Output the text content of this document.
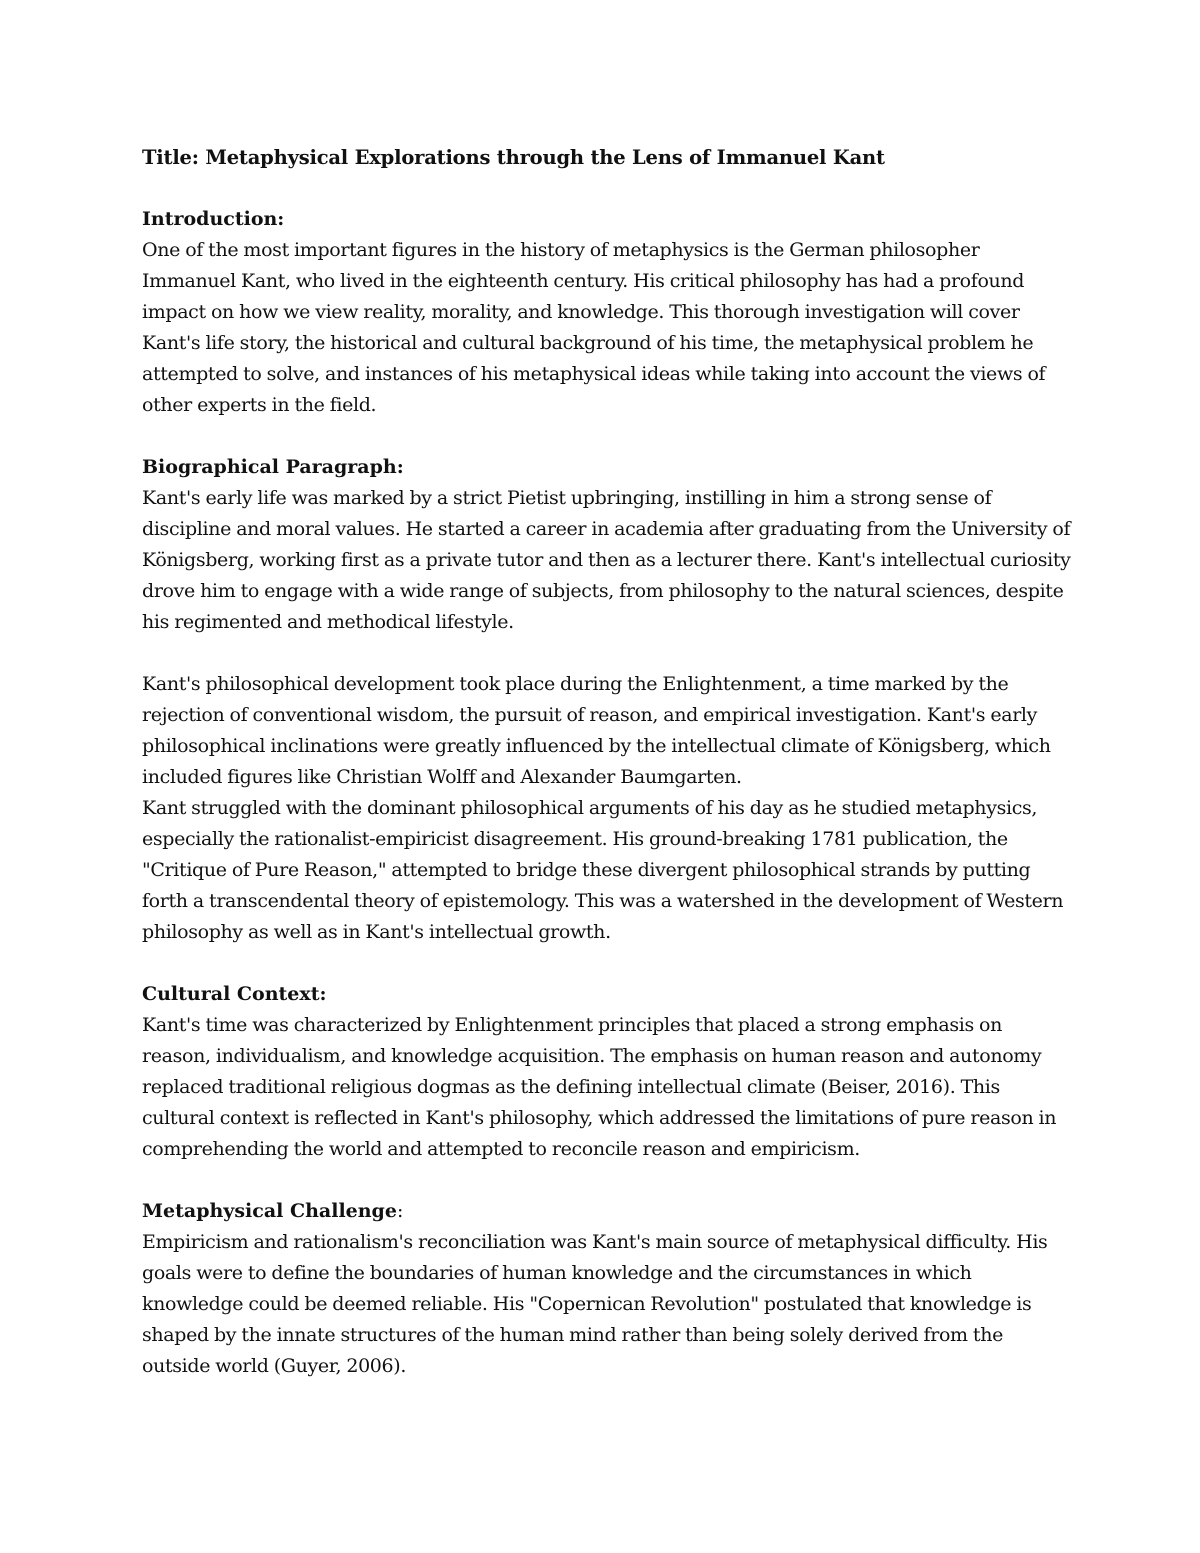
Title: Metaphysical Explorations through the Lens of Immanuel Kant

Introduction:

One of the most important figures in the history of metaphysics is the German philosopher Immanuel Kant, who lived in the eighteenth century. His critical philosophy has had a profound impact on how we view reality, morality, and knowledge. This thorough investigation will cover Kant's life story, the historical and cultural background of his time, the metaphysical problem he attempted to solve, and instances of his metaphysical ideas while taking into account the views of other experts in the field.

Biographical Paragraph:

Kant's early life was marked by a strict Pietist upbringing, instilling in him a strong sense of discipline and moral values. He started a career in academia after graduating from the University of Königsberg, working first as a private tutor and then as a lecturer there. Kant's intellectual curiosity drove him to engage with a wide range of subjects, from philosophy to the natural sciences, despite his regimented and methodical lifestyle.

Kant's philosophical development took place during the Enlightenment, a time marked by the rejection of conventional wisdom, the pursuit of reason, and empirical investigation. Kant's early philosophical inclinations were greatly influenced by the intellectual climate of Königsberg, which included figures like Christian Wolff and Alexander Baumgarten.

Kant struggled with the dominant philosophical arguments of his day as he studied metaphysics, especially the rationalist-empiricist disagreement. His ground-breaking 1781 publication, the "Critique of Pure Reason," attempted to bridge these divergent philosophical strands by putting forth a transcendental theory of epistemology. This was a watershed in the development of Western philosophy as well as in Kant's intellectual growth.

Cultural Context:

Kant's time was characterized by Enlightenment principles that placed a strong emphasis on reason, individualism, and knowledge acquisition. The emphasis on human reason and autonomy replaced traditional religious dogmas as the defining intellectual climate (Beiser, 2016). This cultural context is reflected in Kant's philosophy, which addressed the limitations of pure reason in comprehending the world and attempted to reconcile reason and empiricism.

Metaphysical Challenge:

Empiricism and rationalism's reconciliation was Kant's main source of metaphysical difficulty. His goals were to define the boundaries of human knowledge and the circumstances in which knowledge could be deemed reliable. His "Copernican Revolution" postulated that knowledge is shaped by the innate structures of the human mind rather than being solely derived from the outside world (Guyer, 2006).
